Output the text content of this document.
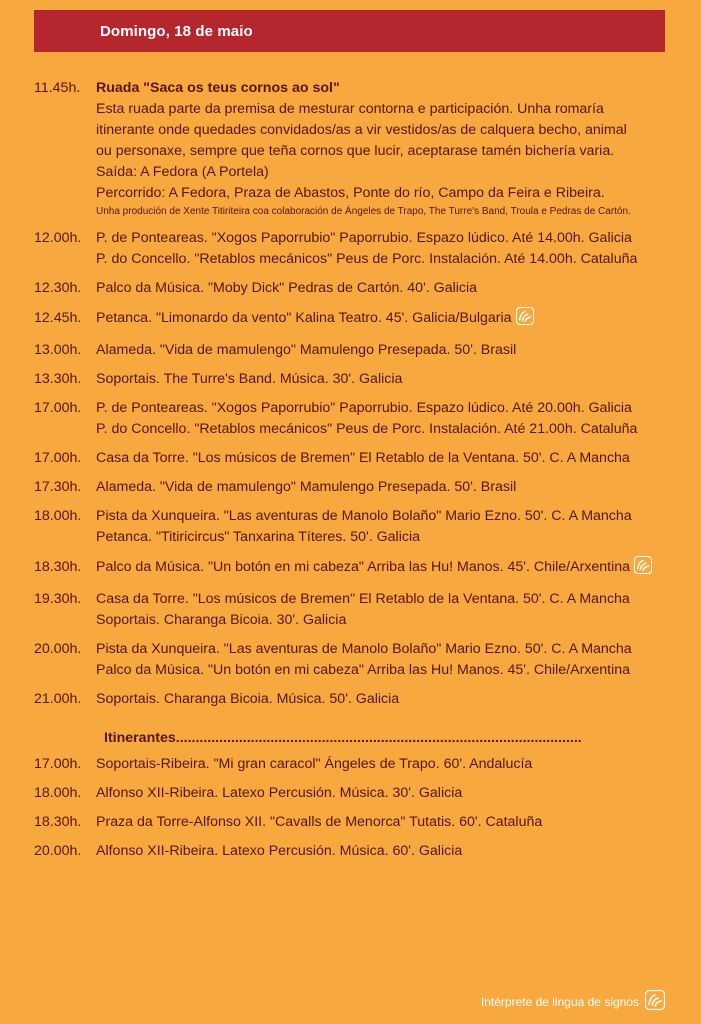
Domingo, 18 de maio
11.45h. Ruada "Saca os teus cornos ao sol"
Esta ruada parte da premisa de mesturar contorna e participación. Unha romaría
itinerante onde quedades convidados/as a vir vestidos/as de calquera becho, animal
ou personaxe, sempre que teña cornos que lucir, aceptarase tamén bichería varia.
Saída: A Fedora (A Portela)
Percorrido: A Fedora, Praza de Abastos, Ponte do río, Campo da Feira e Ribeira.
Unha produción de Xente Titiriteira coa colaboración de Ángeles de Trapo, The Turre's Band, Troula e Pedras de Cartón.
12.00h. P. de Ponteareas. "Xogos Paporrubio" Paporrubio. Espazo lúdico. Até 14.00h. Galicia
P. do Concello. "Retablos mecánicos" Peus de Porc. Instalación. Até 14.00h. Cataluña
12.30h. Palco da Música. "Moby Dick" Pedras de Cartón. 40'. Galicia
12.45h. Petanca. "Limonardo da vento" Kalina Teatro. 45'. Galicia/Bulgaria
13.00h. Alameda. "Vida de mamulengo" Mamulengo Presepada. 50'. Brasil
13.30h. Soportais. The Turre's Band. Música. 30'. Galicia
17.00h. P. de Ponteareas. "Xogos Paporrubio" Paporrubio. Espazo lúdico. Até 20.00h. Galicia
P. do Concello. "Retablos mecánicos" Peus de Porc. Instalación. Até 21.00h. Cataluña
17.00h. Casa da Torre. "Los músicos de Bremen" El Retablo de la Ventana. 50'. C. A Mancha
17.30h. Alameda. "Vida de mamulengo" Mamulengo Presepada. 50'. Brasil
18.00h. Pista da Xunqueira. "Las aventuras de Manolo Bolaño" Mario Ezno. 50'. C. A Mancha
Petanca. "Titiricircus" Tanxarina Títeres. 50'. Galicia
18.30h. Palco da Música. "Un botón en mi cabeza" Arriba las Hu! Manos. 45'. Chile/Arxentina
19.30h. Casa da Torre. "Los músicos de Bremen" El Retablo de la Ventana. 50'. C. A Mancha
Soportais. Charanga Bicoia. 30'. Galicia
20.00h. Pista da Xunqueira. "Las aventuras de Manolo Bolaño" Mario Ezno. 50'. C. A Mancha
Palco da Música. "Un botón en mi cabeza" Arriba las Hu! Manos. 45'. Chile/Arxentina
21.00h. Soportais. Charanga Bicoia. Música. 50'. Galicia
Itinerantes.......................................................................................................
17.00h. Soportais-Ribeira. "Mi gran caracol" Ángeles de Trapo. 60'. Andalucía
18.00h. Alfonso XII-Ribeira. Latexo Percusión. Música. 30'. Galicia
18.30h. Praza da Torre-Alfonso XII. "Cavalls de Menorca" Tutatis. 60'. Cataluña
20.00h. Alfonso XII-Ribeira. Latexo Percusión. Música. 60'. Galicia
Intérprete de lingua de signos
